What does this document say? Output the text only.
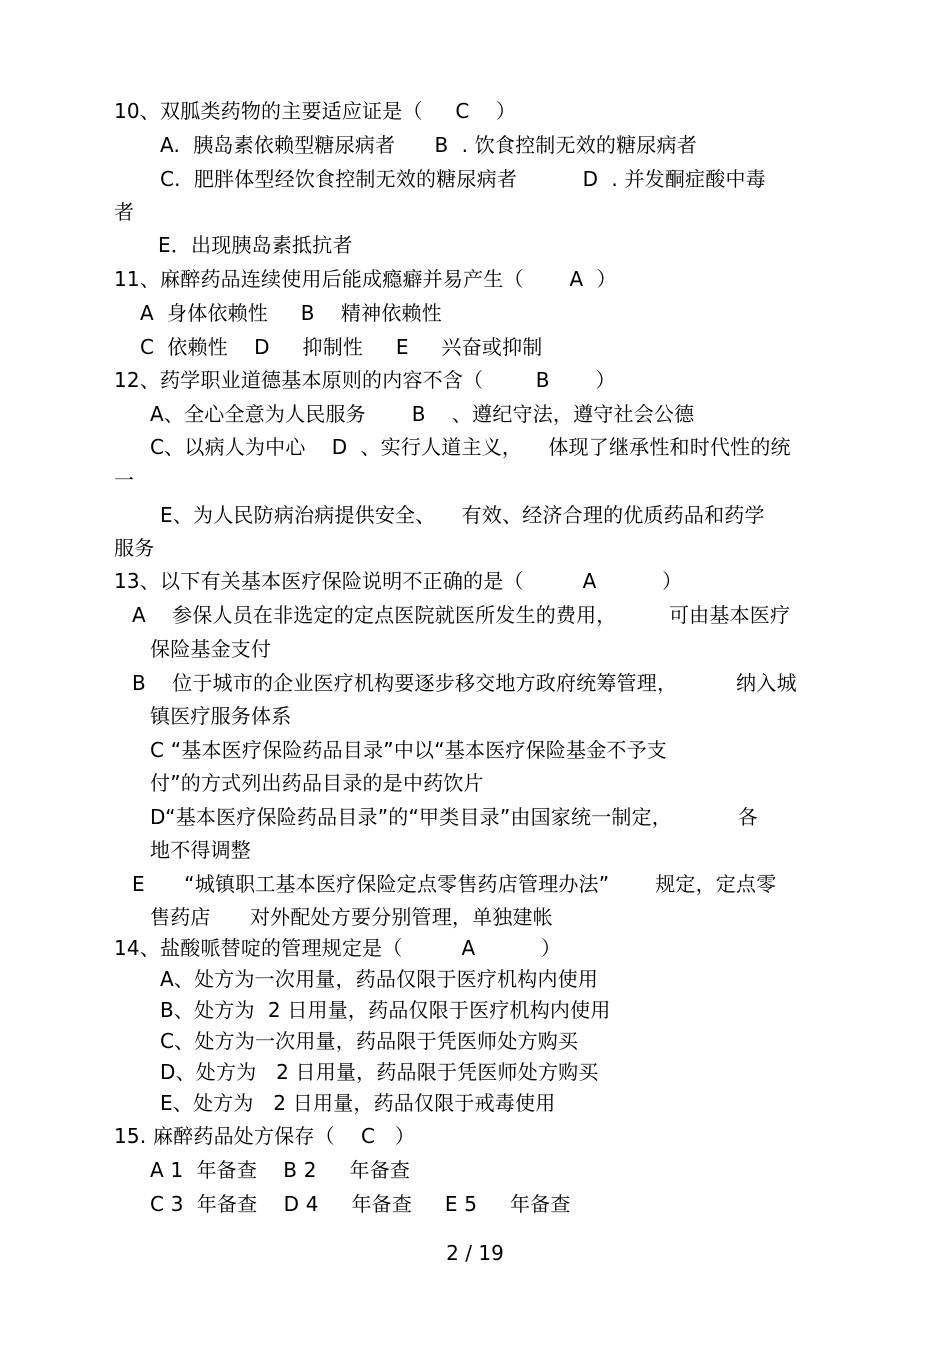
10、双胍类药物的主要适应证是（     C    ）
A.  胰岛素依赖型糖尿病者      B  . 饮食控制无效的糖尿病者
C.  肥胖体型经饮食控制无效的糖尿病者          D  . 并发酮症酸中毒
者
E．出现胰岛素抵抗者
11、麻醉药品连续使用后能成瘾癖并易产生（       A  ）
A  身体依赖性     B    精神依赖性
C  依赖性    D     抑制性     E     兴奋或抑制
12、药学职业道德基本原则的内容不含（        B       ）
A、全心全意为人民服务       B    、遵纪守法，遵守社会公德
C、以病人为中心    D  、实行人道主义，    体现了继承性和时代性的统
一
E、为人民防病治病提供安全、    有效、经济合理的优质药品和药学
服务
13、以下有关基本医疗保险说明不正确的是（         A          ）
A    参保人员在非选定的定点医院就医所发生的费用，        可由基本医疗
保险基金支付
B    位于城市的企业医疗机构要逐步移交地方政府统筹管理，         纳入城
镇医疗服务体系
C “基本医疗保险药品目录”中以“基本医疗保险基金不予支
付”的方式列出药品目录的是中药饮片
D“基本医疗保险药品目录”的“甲类目录”由国家统一制定，          各
地不得调整
E      “城镇职工基本医疗保险定点零售药店管理办法”       规定，定点零
售药店      对外配处方要分别管理，单独建帐
14、盐酸哌替啶的管理规定是（         A          ）
A、处方为一次用量，药品仅限于医疗机构内使用
B、处方为  2 日用量，药品仅限于医疗机构内使用
C、处方为一次用量，药品限于凭医师处方购买
D、处方为   2 日用量，药品限于凭医师处方购买
E、处方为   2 日用量，药品仅限于戒毒使用
15. 麻醉药品处方保存（    C   ）
A 1  年备查    B 2     年备查
C 3  年备查    D 4     年备查     E 5     年备查
2 / 19
